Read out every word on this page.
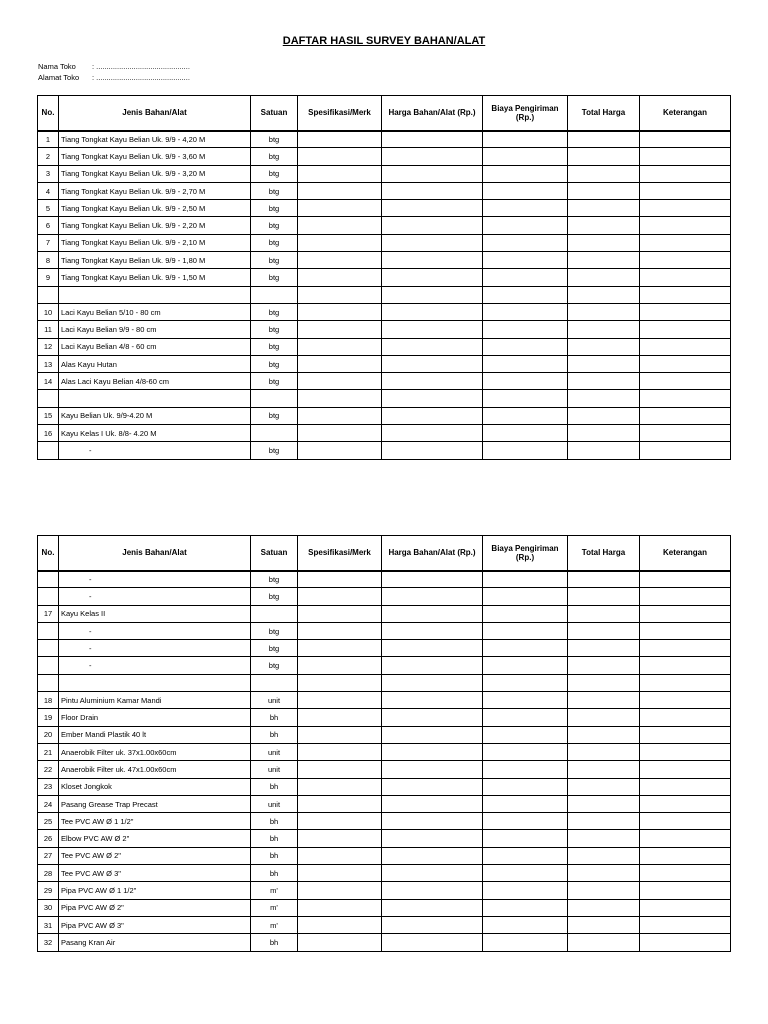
DAFTAR HASIL SURVEY BAHAN/ALAT
Nama Toko : .............................................
Alamat Toko : .............................................
No.	Jenis Bahan/Alat	Satuan	Spesifikasi/Merk	Harga Bahan/Alat (Rp.)	Biaya Pengiriman (Rp.)	Total Harga	Keterangan
1	Tiang Tongkat Kayu Belian Uk. 9/9 - 4,20 M	btg					
2	Tiang Tongkat Kayu Belian Uk. 9/9 - 3,60 M	btg					
3	Tiang Tongkat Kayu Belian Uk. 9/9 - 3,20 M	btg					
4	Tiang Tongkat Kayu Belian Uk. 9/9 - 2,70 M	btg					
5	Tiang Tongkat Kayu Belian Uk. 9/9 - 2,50 M	btg					
6	Tiang Tongkat Kayu Belian Uk. 9/9 - 2,20 M	btg					
7	Tiang Tongkat Kayu Belian Uk. 9/9 - 2,10 M	btg					
8	Tiang Tongkat Kayu Belian Uk. 9/9 - 1,80 M	btg					
9	Tiang Tongkat Kayu Belian Uk. 9/9 - 1,50 M	btg					

10	Laci Kayu Belian 5/10 - 80 cm	btg					
11	Laci Kayu Belian 9/9 - 80 cm	btg					
12	Laci Kayu Belian 4/8 - 60 cm	btg					
13	Alas Kayu Hutan	btg					
14	Alas Laci Kayu Belian 4/8-60 cm	btg					

15	Kayu Belian Uk. 9/9-4.20 M	btg					
16	Kayu Kelas I Uk. 8/8- 4.20 M						
	-	btg					
No.	Jenis Bahan/Alat	Satuan	Spesifikasi/Merk	Harga Bahan/Alat (Rp.)	Biaya Pengiriman (Rp.)	Total Harga	Keterangan
	-	btg					
	-	btg					
17	Kayu Kelas II						
	-	btg					
	-	btg					
	-	btg					

18	Pintu Aluminium Kamar Mandi	unit					
19	Floor Drain	bh					
20	Ember Mandi Plastik 40 lt	bh					
21	Anaerobik Filter uk. 37x1.00x60cm	unit					
22	Anaerobik Filter uk. 47x1.00x60cm	unit					
23	Kloset Jongkok	bh					
24	Pasang Grease Trap Precast	unit					
25	Tee PVC AW Ø 1 1/2"	bh					
26	Elbow PVC AW Ø 2"	bh					
27	Tee PVC AW Ø 2"	bh					
28	Tee PVC AW Ø 3"	bh					
29	Pipa PVC AW Ø 1 1/2"	m'					
30	Pipa PVC AW Ø 2"	m'					
31	Pipa PVC AW Ø 3"	m'					
32	Pasang Kran Air	bh					
